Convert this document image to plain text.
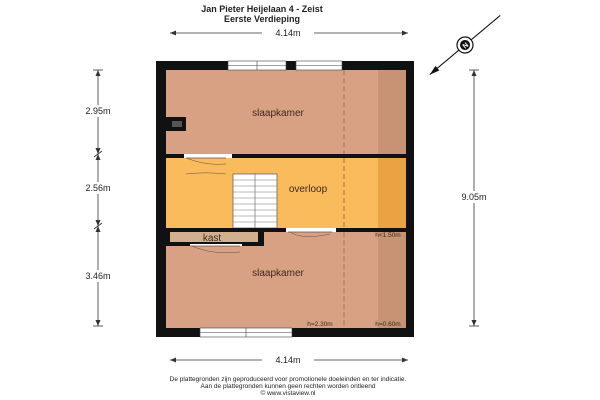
Jan Pieter Heijelaan 4 - Zeist
Eerste Verdieping
4.14m
N
2.95m
2.56m
3.46m
9.05m
slaapkamer
overloop
kast
slaapkamer
h<1.50m
h=2.30m	h=0.60m
4.14m
De plattegronden zijn geproduceerd voor promotionele doeleinden en ter indicatie.
Aan de plattegronden kunnen geen rechten worden ontleend
© www.vistaview.nl
